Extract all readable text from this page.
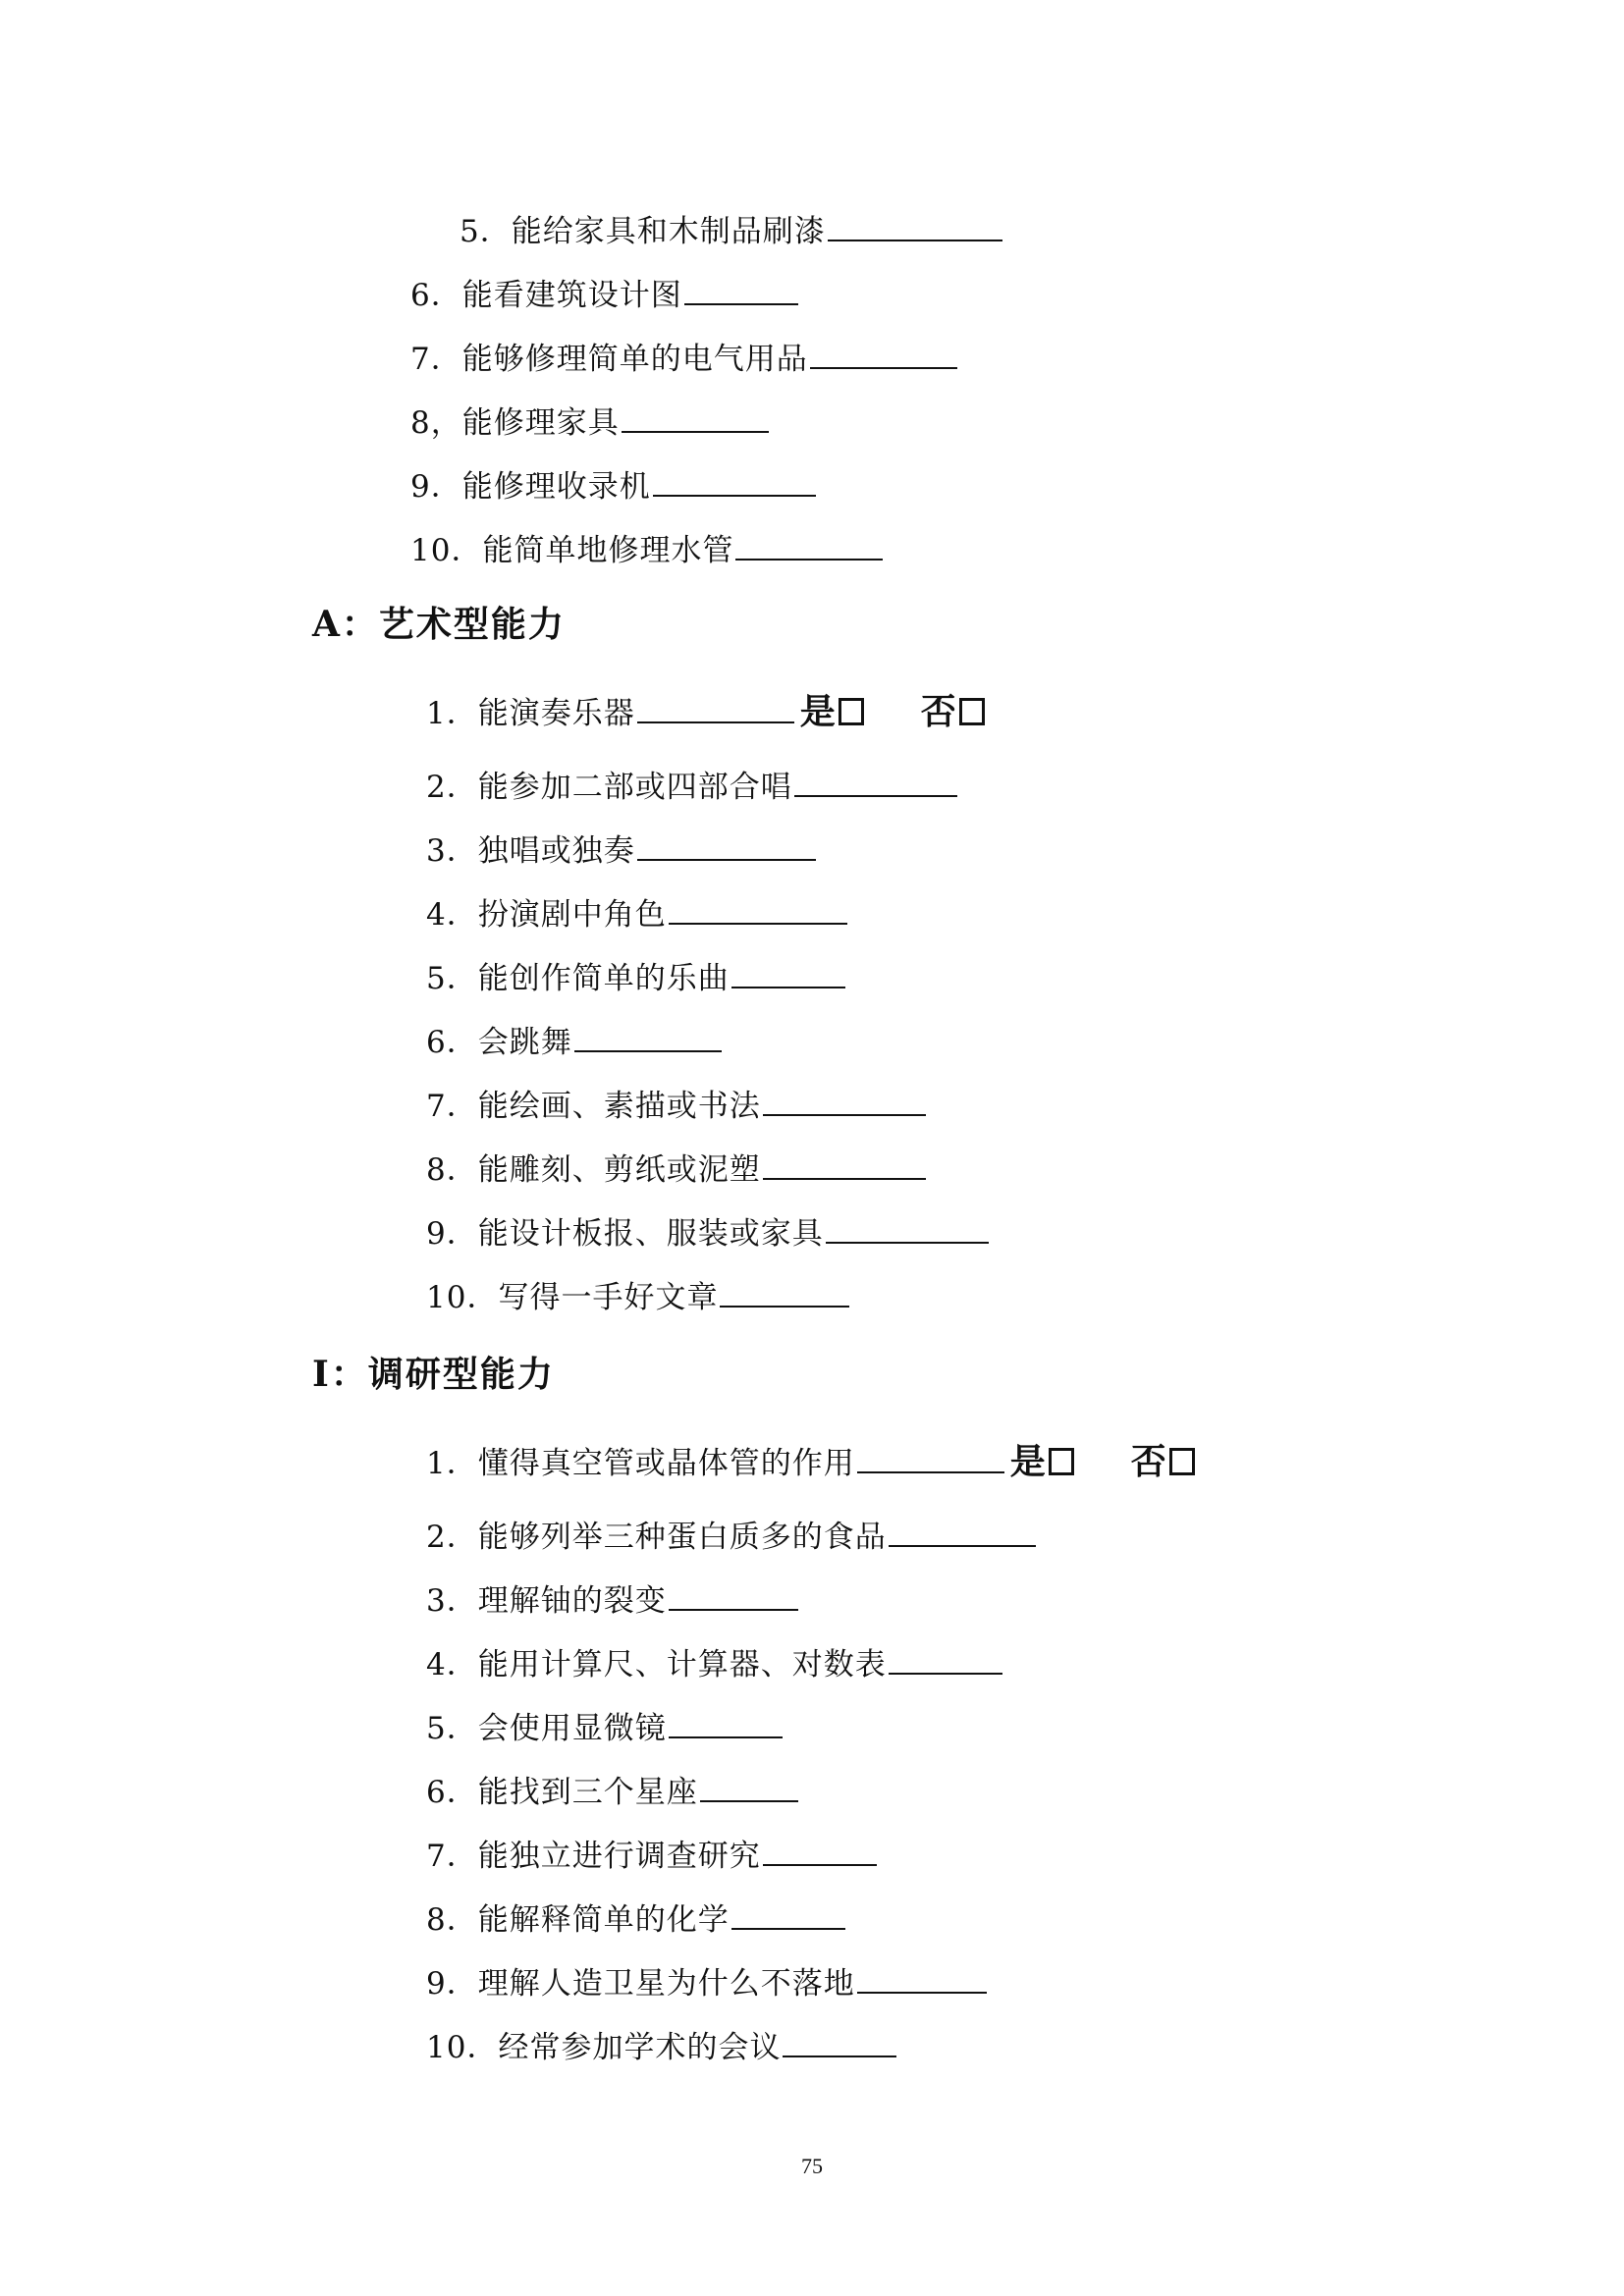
5．能给家具和木制品刷漆
6．能看建筑设计图
7．能够修理简单的电气用品
8，能修理家具
9．能修理收录机
10．能简单地修理水管
A：艺术型能力
1．能演奏乐器	是 否
2．能参加二部或四部合唱
3．独唱或独奏
4．扮演剧中角色
5．能创作简单的乐曲
6．会跳舞
7．能绘画、素描或书法
8．能雕刻、剪纸或泥塑
9．能设计板报、服装或家具
10．写得一手好文章
I：调研型能力
1．懂得真空管或晶体管的作用	是 否
2．能够列举三种蛋白质多的食品
3．理解铀的裂变
4．能用计算尺、计算器、对数表
5．会使用显微镜
6．能找到三个星座
7．能独立进行调查研究
8．能解释简单的化学
9．理解人造卫星为什么不落地
10．经常参加学术的会议
75
